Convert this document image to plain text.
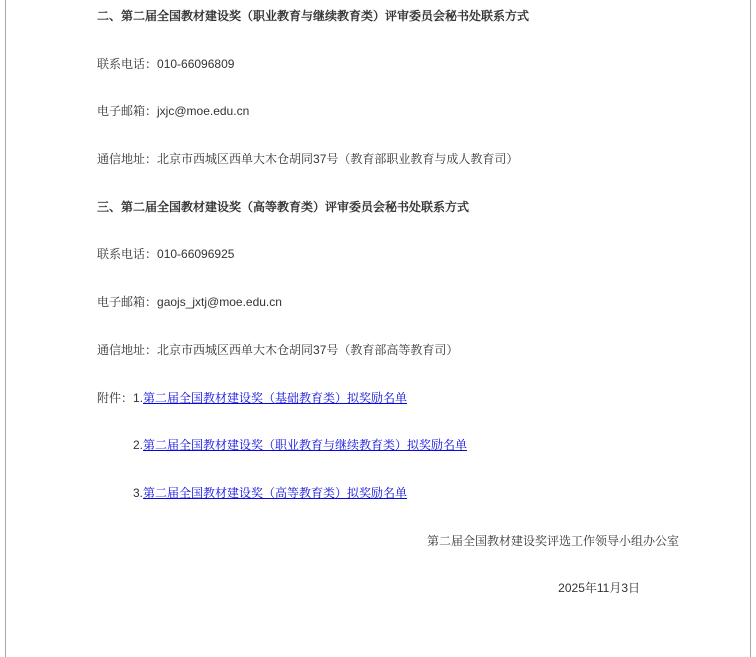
二、第二届全国教材建设奖（职业教育与继续教育类）评审委员会秘书处联系方式

联系电话：010-66096809

电子邮箱：jxjc@moe.edu.cn

通信地址：北京市西城区西单大木仓胡同37号（教育部职业教育与成人教育司）

三、第二届全国教材建设奖（高等教育类）评审委员会秘书处联系方式

联系电话：010-66096925

电子邮箱：gaojs_jxtj@moe.edu.cn

通信地址：北京市西城区西单大木仓胡同37号（教育部高等教育司）

附件：1.第二届全国教材建设奖（基础教育类）拟奖励名单

2.第二届全国教材建设奖（职业教育与继续教育类）拟奖励名单

3.第二届全国教材建设奖（高等教育类）拟奖励名单

第二届全国教材建设奖评选工作领导小组办公室

2025年11月3日
